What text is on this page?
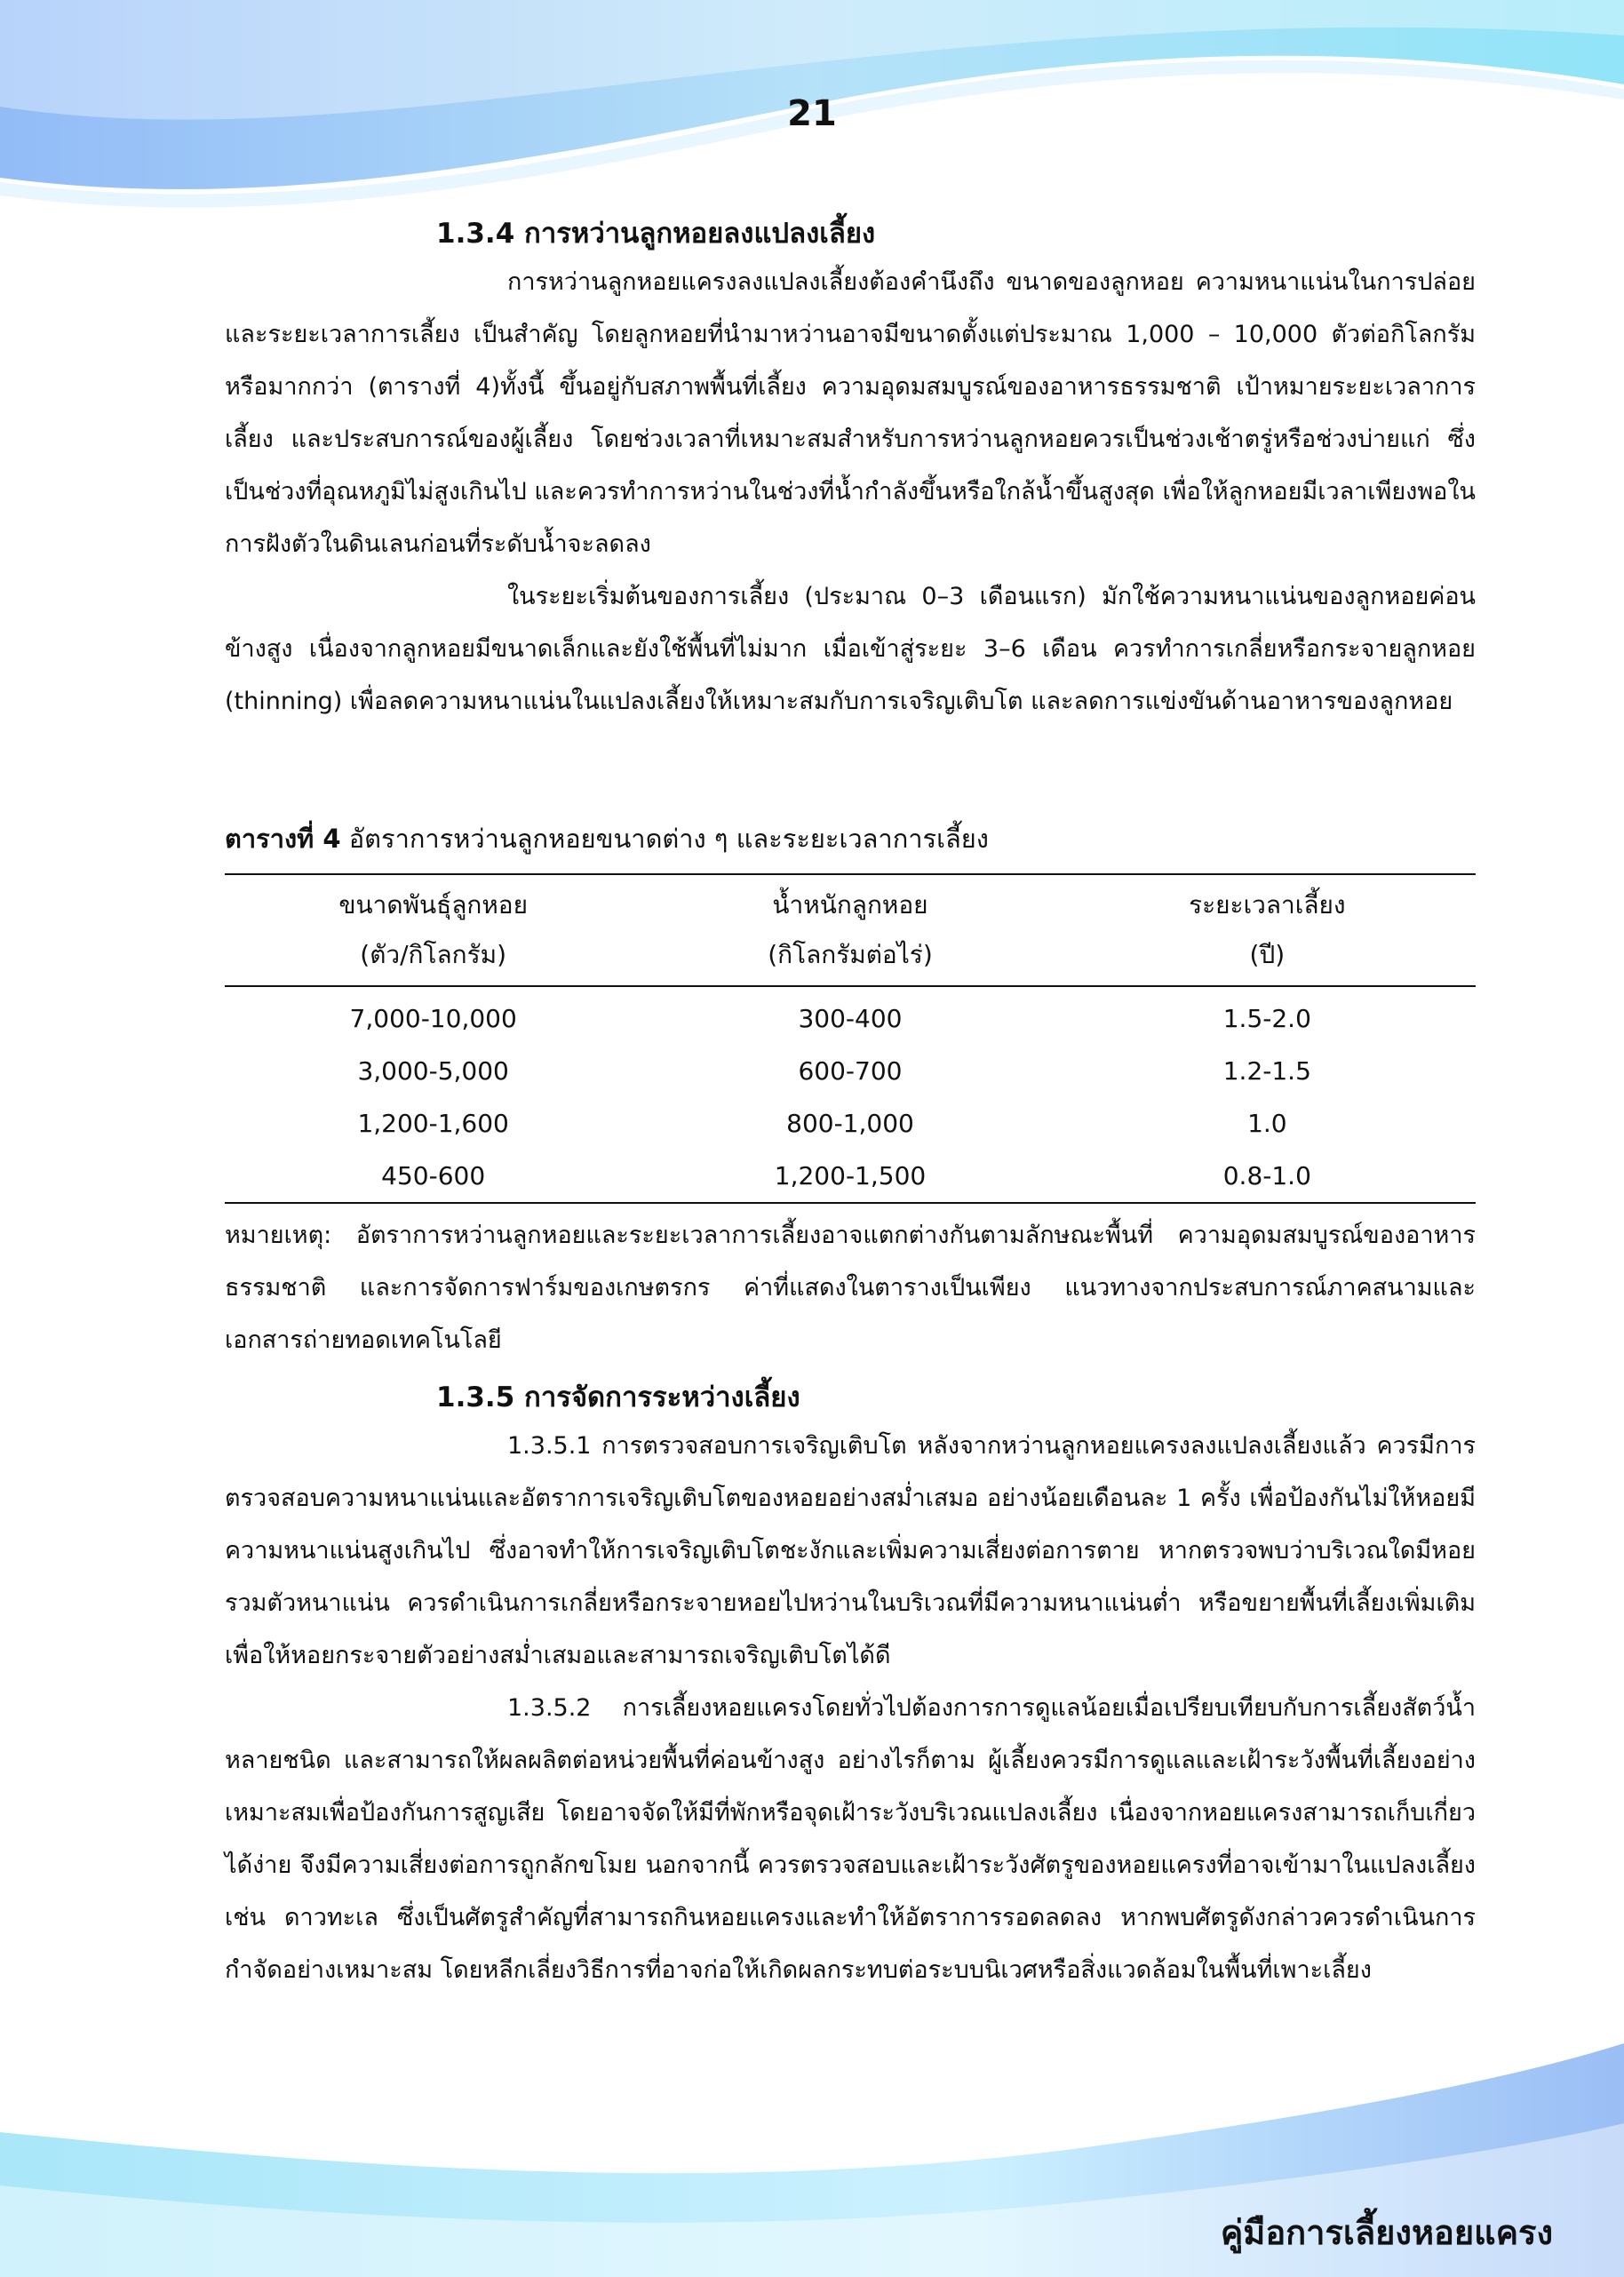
21
1.3.4 การหว่านลูกหอยลงแปลงเลี้ยง

การหว่านลูกหอยแครงลงแปลงเลี้ยงต้องคำนึงถึง ขนาดของลูกหอย ความหนาแน่นในการปล่อย และระยะเวลาการเลี้ยง เป็นสำคัญ โดยลูกหอยที่นำมาหว่านอาจมีขนาดตั้งแต่ประมาณ 1,000 – 10,000 ตัวต่อกิโลกรัม หรือมากกว่า (ตารางที่ 4)ทั้งนี้ ขึ้นอยู่กับสภาพพื้นที่เลี้ยง ความอุดมสมบูรณ์ของอาหารธรรมชาติ เป้าหมายระยะเวลาการเลี้ยง และประสบการณ์ของผู้เลี้ยง โดยช่วงเวลาที่เหมาะสมสำหรับการหว่านลูกหอยควรเป็นช่วงเช้าตรู่หรือช่วงบ่ายแก่ ซึ่งเป็นช่วงที่อุณหภูมิไม่สูงเกินไป และควรทำการหว่านในช่วงที่น้ำกำลังขึ้นหรือใกล้น้ำขึ้นสูงสุด เพื่อให้ลูกหอยมีเวลาเพียงพอในการฝังตัวในดินเลนก่อนที่ระดับน้ำจะลดลง

ในระยะเริ่มต้นของการเลี้ยง (ประมาณ 0–3 เดือนแรก) มักใช้ความหนาแน่นของลูกหอยค่อนข้างสูง เนื่องจากลูกหอยมีขนาดเล็กและยังใช้พื้นที่ไม่มาก เมื่อเข้าสู่ระยะ 3–6 เดือน ควรทำการเกลี่ยหรือกระจายลูกหอย (thinning) เพื่อลดความหนาแน่นในแปลงเลี้ยงให้เหมาะสมกับการเจริญเติบโต และลดการแข่งขันด้านอาหารของลูกหอย

ตารางที่ 4 อัตราการหว่านลูกหอยขนาดต่าง ๆ และระยะเวลาการเลี้ยง

ขนาดพันธุ์ลูกหอย	น้ำหนักลูกหอย	ระยะเวลาเลี้ยง
(ตัว/กิโลกรัม)	(กิโลกรัมต่อไร่)	(ปี)
7,000-10,000	300-400	1.5-2.0
3,000-5,000	600-700	1.2-1.5
1,200-1,600	800-1,000	1.0
450-600	1,200-1,500	0.8-1.0

หมายเหตุ: อัตราการหว่านลูกหอยและระยะเวลาการเลี้ยงอาจแตกต่างกันตามลักษณะพื้นที่ ความอุดมสมบูรณ์ของอาหารธรรมชาติ และการจัดการฟาร์มของเกษตรกร ค่าที่แสดงในตารางเป็นเพียง แนวทางจากประสบการณ์ภาคสนามและเอกสารถ่ายทอดเทคโนโลยี

1.3.5 การจัดการระหว่างเลี้ยง

1.3.5.1 การตรวจสอบการเจริญเติบโต หลังจากหว่านลูกหอยแครงลงแปลงเลี้ยงแล้ว ควรมีการตรวจสอบความหนาแน่นและอัตราการเจริญเติบโตของหอยอย่างสม่ำเสมอ อย่างน้อยเดือนละ 1 ครั้ง เพื่อป้องกันไม่ให้หอยมีความหนาแน่นสูงเกินไป ซึ่งอาจทำให้การเจริญเติบโตชะงักและเพิ่มความเสี่ยงต่อการตาย หากตรวจพบว่าบริเวณใดมีหอยรวมตัวหนาแน่น ควรดำเนินการเกลี่ยหรือกระจายหอยไปหว่านในบริเวณที่มีความหนาแน่นต่ำ หรือขยายพื้นที่เลี้ยงเพิ่มเติม เพื่อให้หอยกระจายตัวอย่างสม่ำเสมอและสามารถเจริญเติบโตได้ดี

1.3.5.2 การเลี้ยงหอยแครงโดยทั่วไปต้องการการดูแลน้อยเมื่อเปรียบเทียบกับการเลี้ยงสัตว์น้ำหลายชนิด และสามารถให้ผลผลิตต่อหน่วยพื้นที่ค่อนข้างสูง อย่างไรก็ตาม ผู้เลี้ยงควรมีการดูแลและเฝ้าระวังพื้นที่เลี้ยงอย่างเหมาะสมเพื่อป้องกันการสูญเสีย โดยอาจจัดให้มีที่พักหรือจุดเฝ้าระวังบริเวณแปลงเลี้ยง เนื่องจากหอยแครงสามารถเก็บเกี่ยวได้ง่าย จึงมีความเสี่ยงต่อการถูกลักขโมย นอกจากนี้ ควรตรวจสอบและเฝ้าระวังศัตรูของหอยแครงที่อาจเข้ามาในแปลงเลี้ยง เช่น ดาวทะเล ซึ่งเป็นศัตรูสำคัญที่สามารถกินหอยแครงและทำให้อัตราการรอดลดลง หากพบศัตรูดังกล่าวควรดำเนินการกำจัดอย่างเหมาะสม โดยหลีกเลี่ยงวิธีการที่อาจก่อให้เกิดผลกระทบต่อระบบนิเวศหรือสิ่งแวดล้อมในพื้นที่เพาะเลี้ยง

คู่มือการเลี้ยงหอยแครง
